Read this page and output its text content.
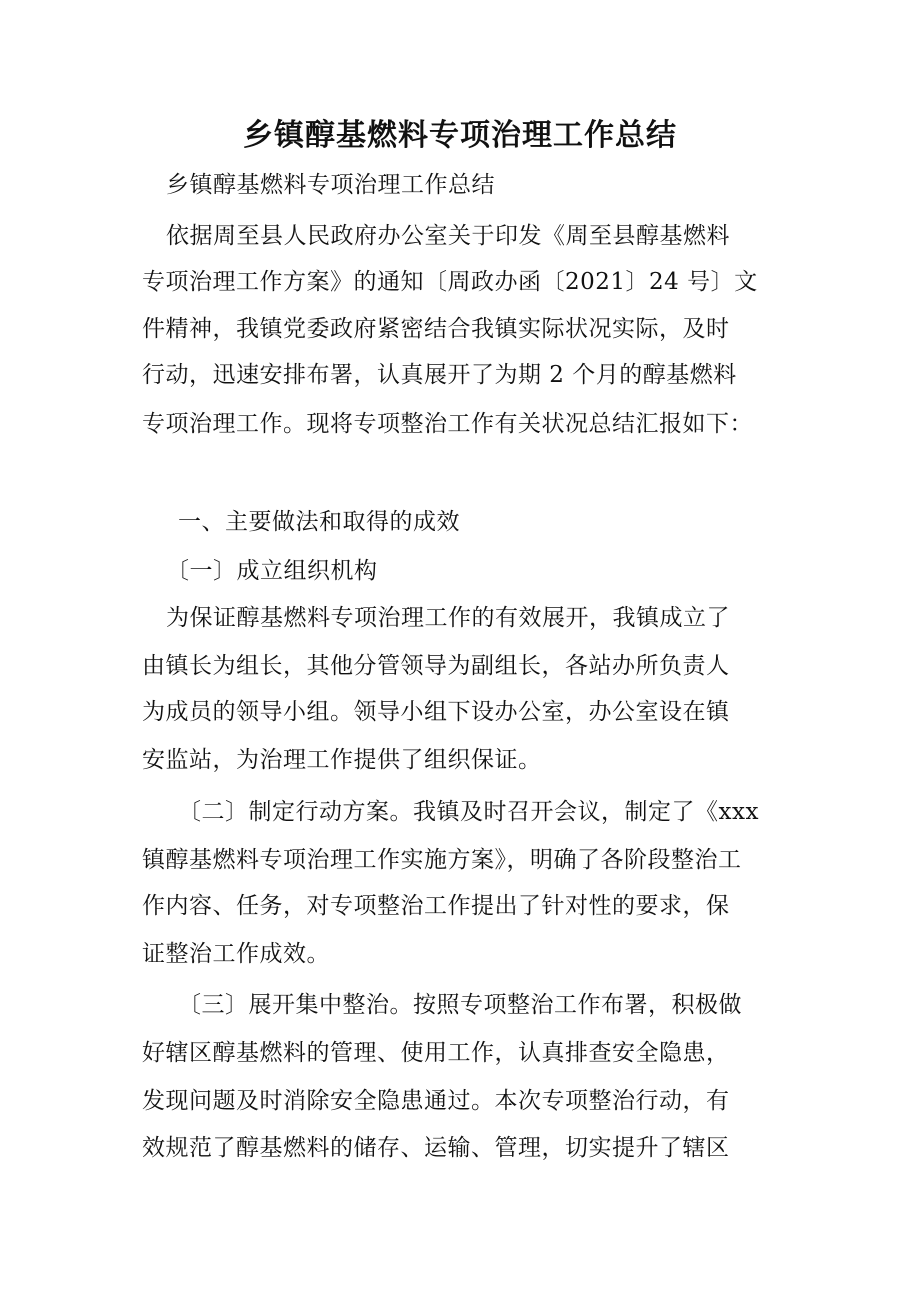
乡镇醇基燃料专项治理工作总结
乡镇醇基燃料专项治理工作总结
依据周至县人民政府办公室关于印发《周至县醇基燃料
专项治理工作方案》的通知〔周政办函〔2021〕24 号〕文
件精神，我镇党委政府紧密结合我镇实际状况实际，及时
行动，迅速安排布署，认真展开了为期 2 个月的醇基燃料
专项治理工作。现将专项整治工作有关状况总结汇报如下：
一、主要做法和取得的成效
〔一〕成立组织机构
为保证醇基燃料专项治理工作的有效展开，我镇成立了
由镇长为组长，其他分管领导为副组长，各站办所负责人
为成员的领导小组。领导小组下设办公室，办公室设在镇
安监站，为治理工作提供了组织保证。
〔二〕制定行动方案。我镇及时召开会议，制定了《xxx
镇醇基燃料专项治理工作实施方案》，明确了各阶段整治工
作内容、任务，对专项整治工作提出了针对性的要求，保
证整治工作成效。
〔三〕展开集中整治。按照专项整治工作布署，积极做
好辖区醇基燃料的管理、使用工作，认真排查安全隐患，
发现问题及时消除安全隐患通过。本次专项整治行动，有
效规范了醇基燃料的储存、运输、管理，切实提升了辖区
